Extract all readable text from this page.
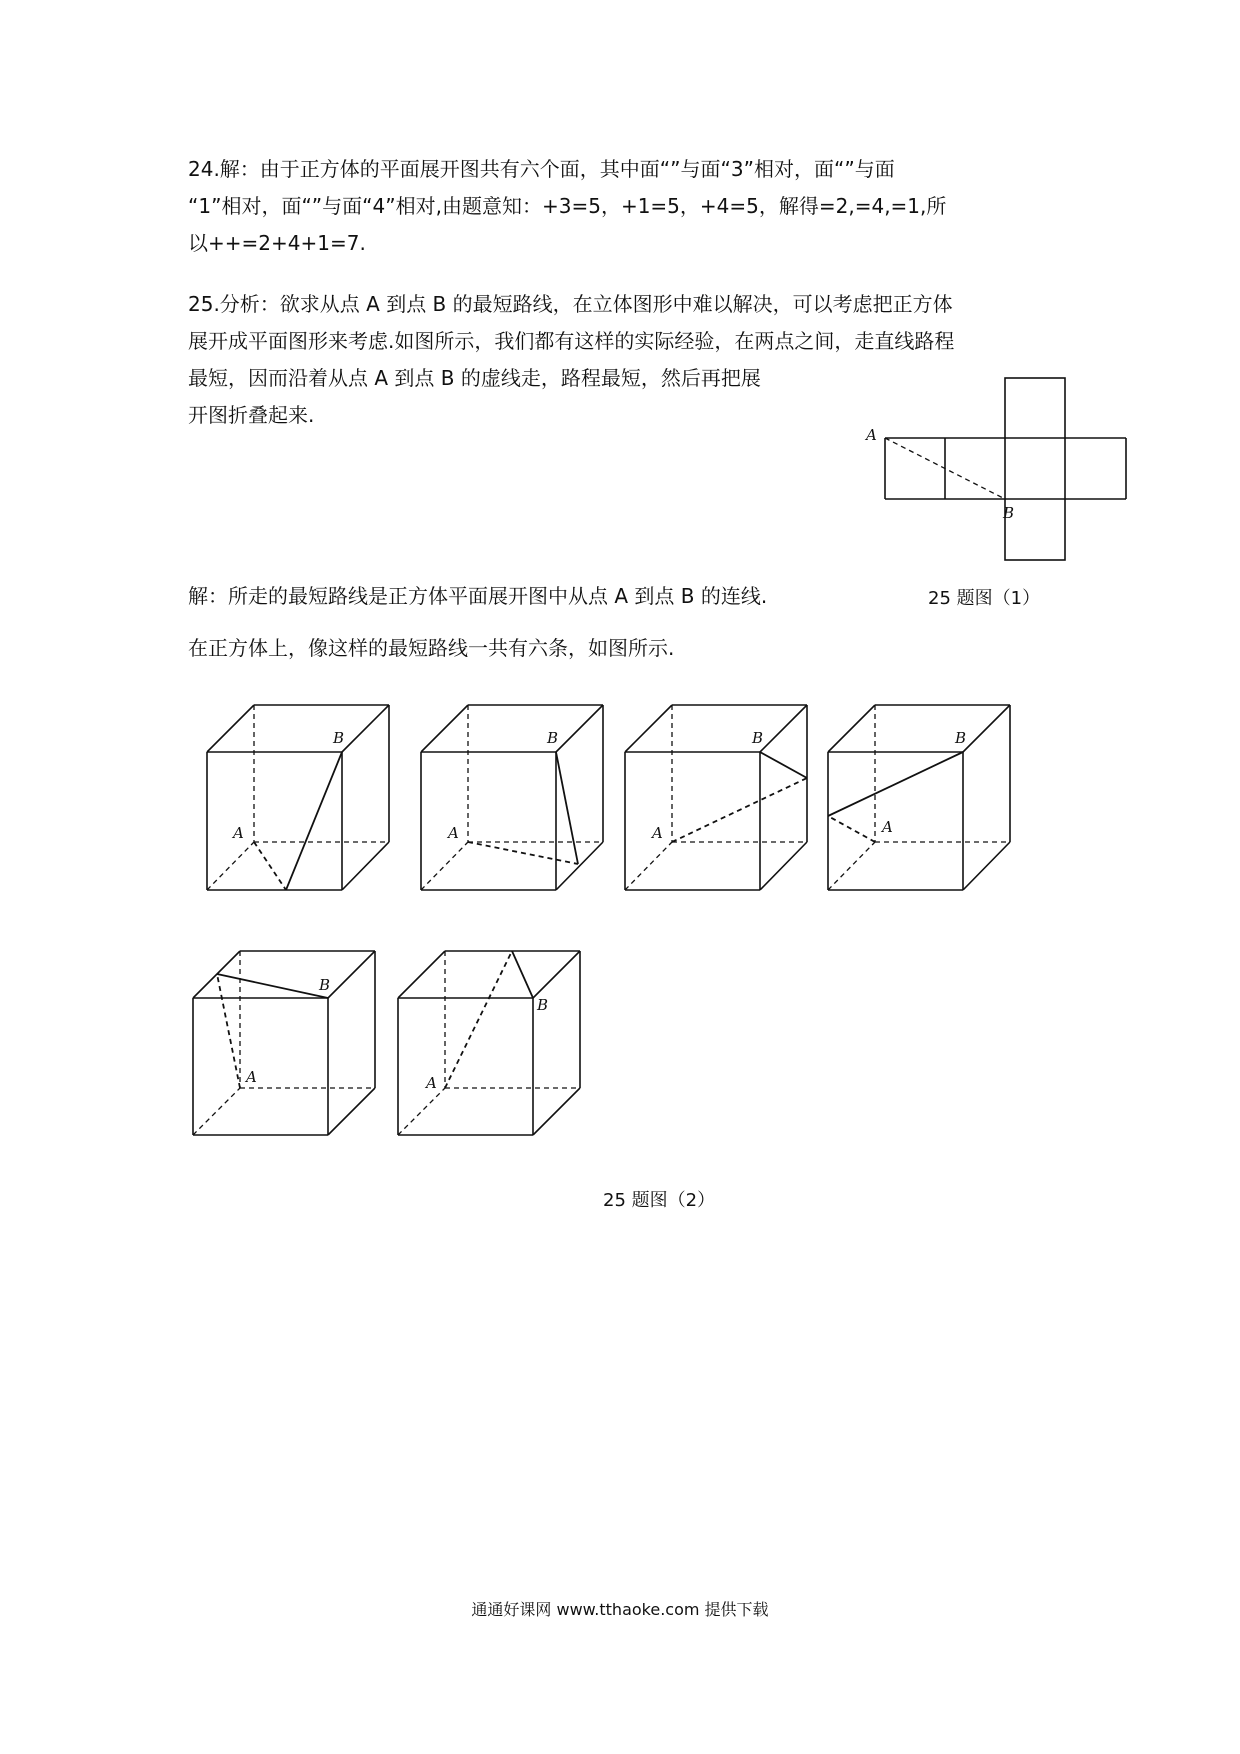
24.解：由于正方体的平面展开图共有六个面，其中面“”与面“3”相对，面“”与面
“1”相对，面“”与面“4”相对,由题意知：+3=5，+1=5，+4=5，解得=2,=4,=1,所
以++=2+4+1=7.
25.分析：欲求从点 A 到点 B 的最短路线，在立体图形中难以解决，可以考虑把正方体
展开成平面图形来考虑.如图所示，我们都有这样的实际经验，在两点之间，走直线路程
最短，因而沿着从点 A 到点 B 的虚线走，路程最短，然后再把展
开图折叠起来.
A
B
解：所走的最短路线是正方体平面展开图中从点 A 到点 B 的连线.	25 题图（1）
在正方体上，像这样的最短路线一共有六条，如图所示.
A
B
A
B
A
B
A
B
A
B
A
B
25 题图（2）
通通好课网 www.tthaoke.com 提供下载
